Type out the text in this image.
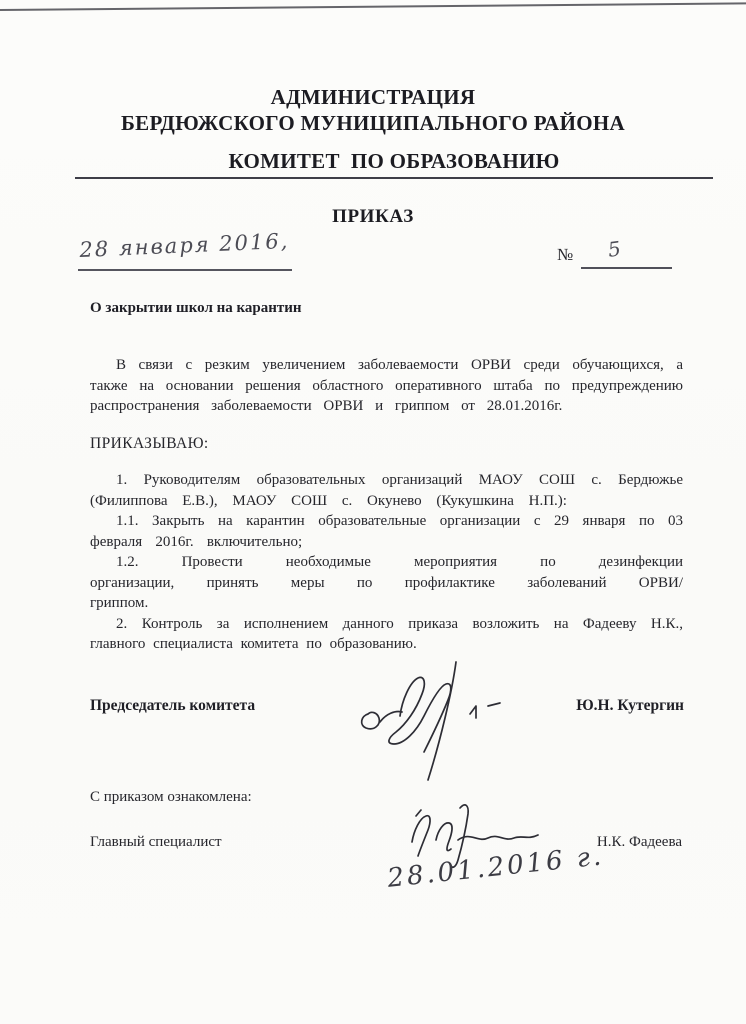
АДМИНИСТРАЦИЯ
БЕРДЮЖСКОГО МУНИЦИПАЛЬНОГО РАЙОНА
КОМИТЕТ  ПО ОБРАЗОВАНИЮ
ПРИКАЗ
28 января 2016,	№ 5
О закрытии школ на карантин

В связи с резким увеличением заболеваемости ОРВИ среди обучающихся, а также на основании решения областного оперативного штаба по предупреждению распространения заболеваемости ОРВИ и гриппом от 28.01.2016г.

ПРИКАЗЫВАЮ:

1. Руководителям образовательных организаций МАОУ СОШ с. Бердюжье (Филиппова Е.В.), МАОУ СОШ с. Окунево (Кукушкина Н.П.):

1.1. Закрыть на карантин образовательные организации с 29 января по 03 февраля 2016г. включительно;

1.2. Провести необходимые мероприятия по дезинфекции организации, принять меры по профилактике заболеваний ОРВИ/гриппом.

2. Контроль за исполнением данного приказа возложить на Фадееву Н.К., главного специалиста комитета по образованию.

Председатель комитета	Ю.Н. Кутергин
С приказом ознакомлена:
Главный специалист	Н.К. Фадеева
28.01.2016 г.
